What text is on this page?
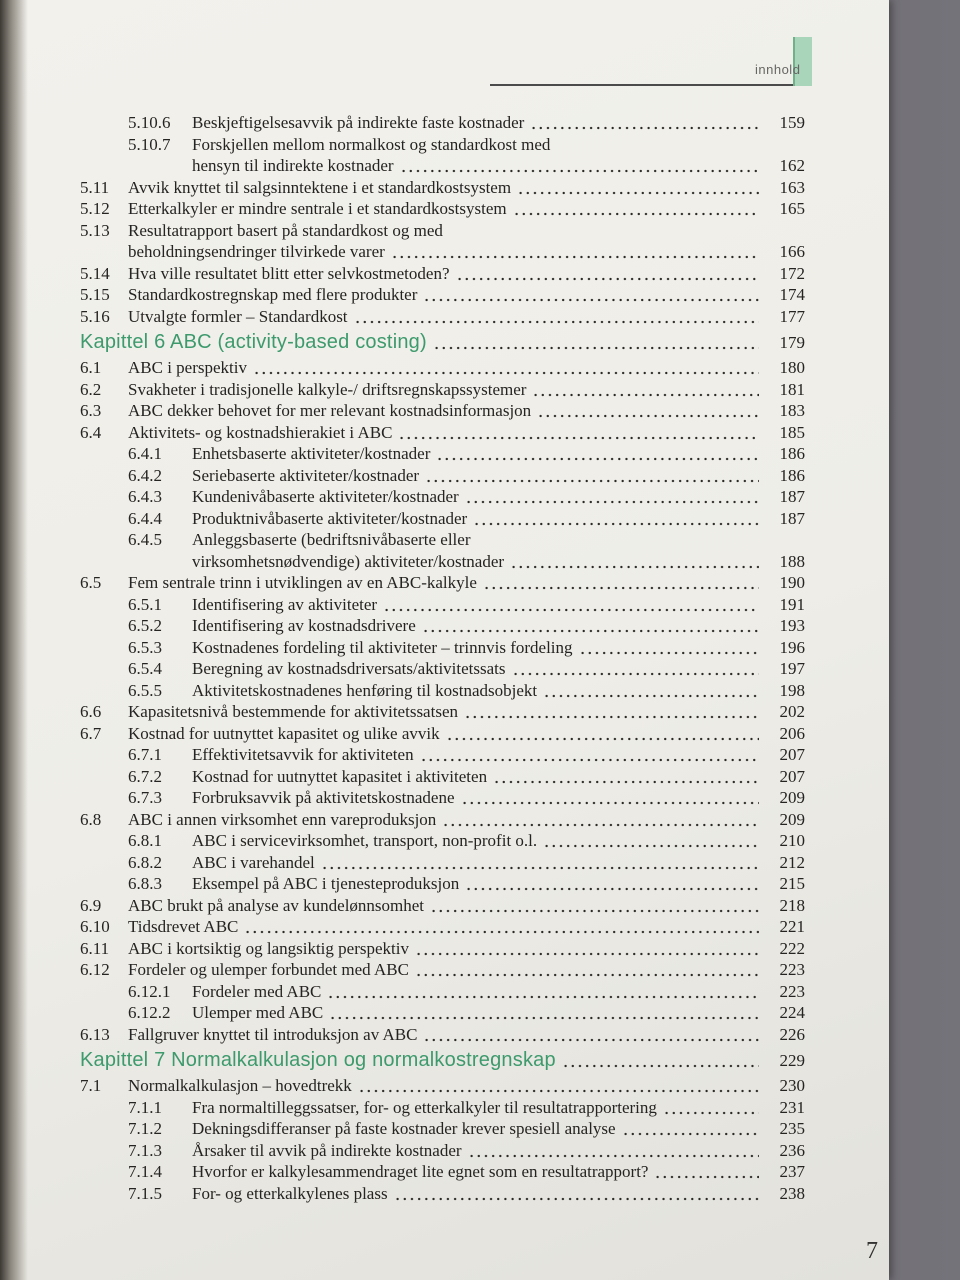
innhold
5.10.6	Beskjeftigelsesavvik på indirekte faste kostnader	159
5.10.7	Forskjellen mellom normalkost og standardkost med
hensyn til indirekte kostnader	162
5.11	Avvik knyttet til salgsinntektene i et standardkostsystem	163
5.12	Etterkalkyler er mindre sentrale i et standardkostsystem	165
5.13	Resultatrapport basert på standardkost og med
beholdningsendringer tilvirkede varer	166
5.14	Hva ville resultatet blitt etter selvkostmetoden?	172
5.15	Standardkostregnskap med flere produkter	174
5.16	Utvalgte formler – Standardkost	177
Kapittel 6 ABC (activity-based costing)	179
6.1	ABC i perspektiv	180
6.2	Svakheter i tradisjonelle kalkyle-/ driftsregnskapssystemer	181
6.3	ABC dekker behovet for mer relevant kostnadsinformasjon	183
6.4	Aktivitets- og kostnadshierakiet i ABC	185
6.4.1	Enhetsbaserte aktiviteter/kostnader	186
6.4.2	Seriebaserte aktiviteter/kostnader	186
6.4.3	Kundenivåbaserte aktiviteter/kostnader	187
6.4.4	Produktnivåbaserte aktiviteter/kostnader	187
6.4.5	Anleggsbaserte (bedriftsnivåbaserte eller
virksomhetsnødvendige) aktiviteter/kostnader	188
6.5	Fem sentrale trinn i utviklingen av en ABC-kalkyle	190
6.5.1	Identifisering av aktiviteter	191
6.5.2	Identifisering av kostnadsdrivere	193
6.5.3	Kostnadenes fordeling til aktiviteter – trinnvis fordeling	196
6.5.4	Beregning av kostnadsdriversats/aktivitetssats	197
6.5.5	Aktivitetskostnadenes henføring til kostnadsobjekt	198
6.6	Kapasitetsnivå bestemmende for aktivitetssatsen	202
6.7	Kostnad for uutnyttet kapasitet og ulike avvik	206
6.7.1	Effektivitetsavvik for aktiviteten	207
6.7.2	Kostnad for uutnyttet kapasitet i aktiviteten	207
6.7.3	Forbruksavvik på aktivitetskostnadene	209
6.8	ABC i annen virksomhet enn vareproduksjon	209
6.8.1	ABC i servicevirksomhet, transport, non-profit o.l.	210
6.8.2	ABC i varehandel	212
6.8.3	Eksempel på ABC i tjenesteproduksjon	215
6.9	ABC brukt på analyse av kundelønnsomhet	218
6.10	Tidsdrevet ABC	221
6.11	ABC i kortsiktig og langsiktig perspektiv	222
6.12	Fordeler og ulemper forbundet med ABC	223
6.12.1	Fordeler med ABC	223
6.12.2	Ulemper med ABC	224
6.13	Fallgruver knyttet til introduksjon av ABC	226
Kapittel 7 Normalkalkulasjon og normalkostregnskap	229
7.1	Normalkalkulasjon – hovedtrekk	230
7.1.1	Fra normaltilleggssatser, for- og etterkalkyler til resultatrapportering	231
7.1.2	Dekningsdifferanser på faste kostnader krever spesiell analyse	235
7.1.3	Årsaker til avvik på indirekte kostnader	236
7.1.4	Hvorfor er kalkylesammendraget lite egnet som en resultatrapport?	237
7.1.5	For- og etterkalkylenes plass	238
7
